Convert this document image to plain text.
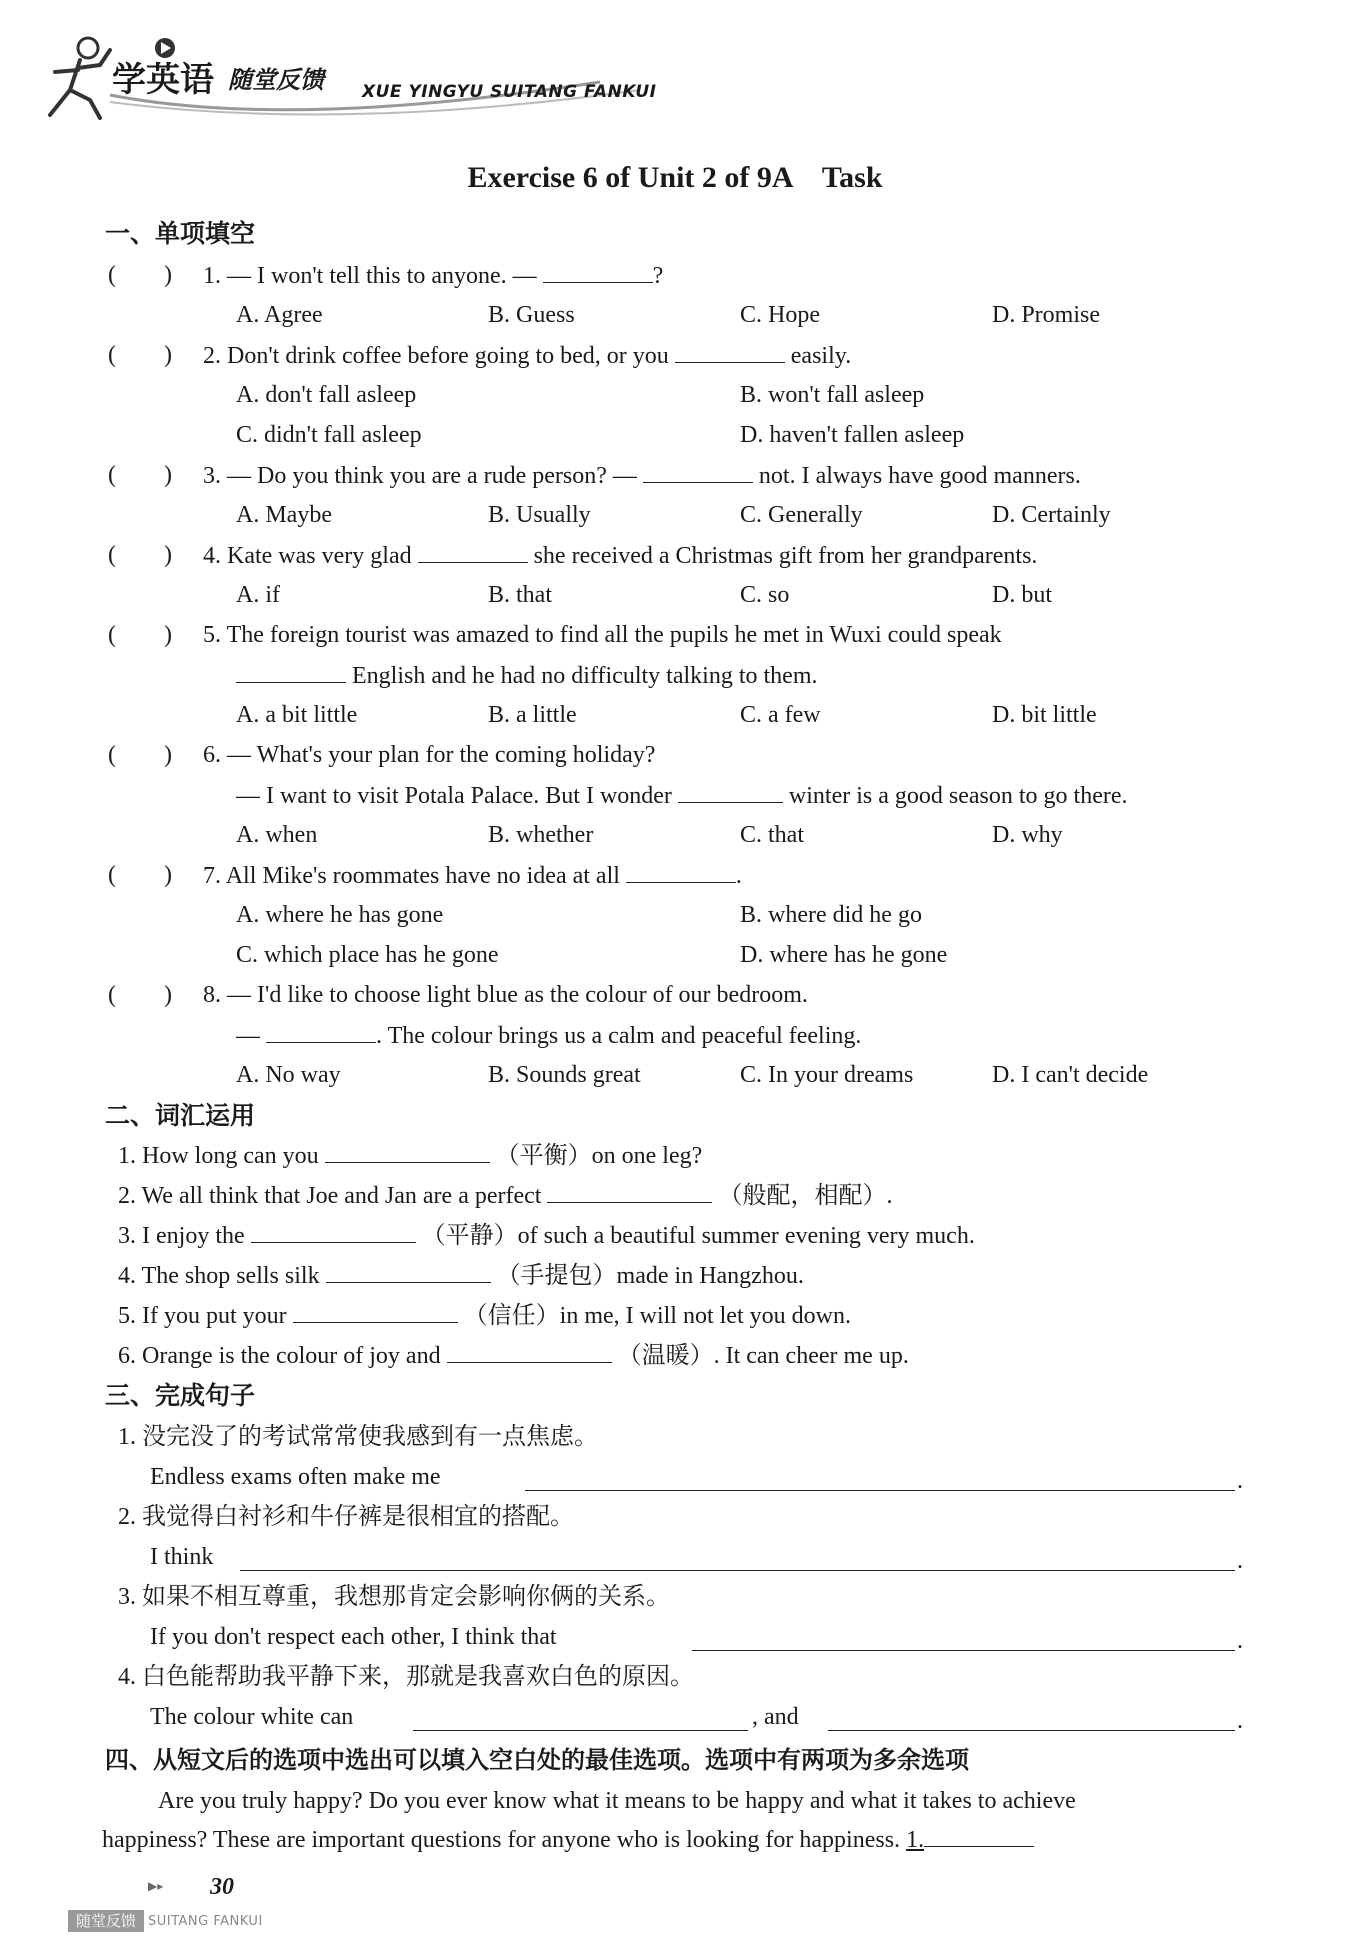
学英语 随堂反馈 XUE YINGYU SUITANG FANKUI
Exercise 6 of Unit 2 of 9A　Task
一、单项填空
(　　) 1. — I won't tell this to anyone. —	?
A. Agree	B. Guess	C. Hope	D. Promise
(　　) 2. Don't drink coffee before going to bed, or you	easily.
A. don't fall asleep	B. won't fall asleep
C. didn't fall asleep	D. haven't fallen asleep
(　　) 3. — Do you think you are a rude person? —	not. I always have good manners.
A. Maybe	B. Usually	C. Generally	D. Certainly
(　　) 4. Kate was very glad	she received a Christmas gift from her grandparents.
A. if	B. that	C. so	D. but
(　　) 5. The foreign tourist was amazed to find all the pupils he met in Wuxi could speak
English and he had no difficulty talking to them.
A. a bit little	B. a little	C. a few	D. bit little
(　　) 6. — What's your plan for the coming holiday?
— I want to visit Potala Palace. But I wonder	winter is a good season to go there.
A. when	B. whether	C. that	D. why
(　　) 7. All Mike's roommates have no idea at all	.
A. where he has gone	B. where did he go
C. which place has he gone	D. where has he gone
(　　) 8. — I'd like to choose light blue as the colour of our bedroom.
—	. The colour brings us a calm and peaceful feeling.
A. No way	B. Sounds great	C. In your dreams	D. I can't decide
二、词汇运用
1. How long can you	（平衡）on one leg?
2. We all think that Joe and Jan are a perfect	（般配，相配）.
3. I enjoy the	（平静）of such a beautiful summer evening very much.
4. The shop sells silk	（手提包）made in Hangzhou.
5. If you put your	（信任）in me, I will not let you down.
6. Orange is the colour of joy and	（温暖）. It can cheer me up.
三、完成句子
1. 没完没了的考试常常使我感到有一点焦虑。
Endless exams often make me	.
2. 我觉得白衬衫和牛仔裤是很相宜的搭配。
I think	.
3. 如果不相互尊重，我想那肯定会影响你俩的关系。
If you don't respect each other, I think that	.
4. 白色能帮助我平静下来，那就是我喜欢白色的原因。
The colour white can	, and	.
四、从短文后的选项中选出可以填入空白处的最佳选项。选项中有两项为多余选项
Are you truly happy? Do you ever know what it means to be happy and what it takes to achieve
happiness? These are important questions for anyone who is looking for happiness. 1.
▶▸ 30
随堂反馈 SUITANG FANKUI
